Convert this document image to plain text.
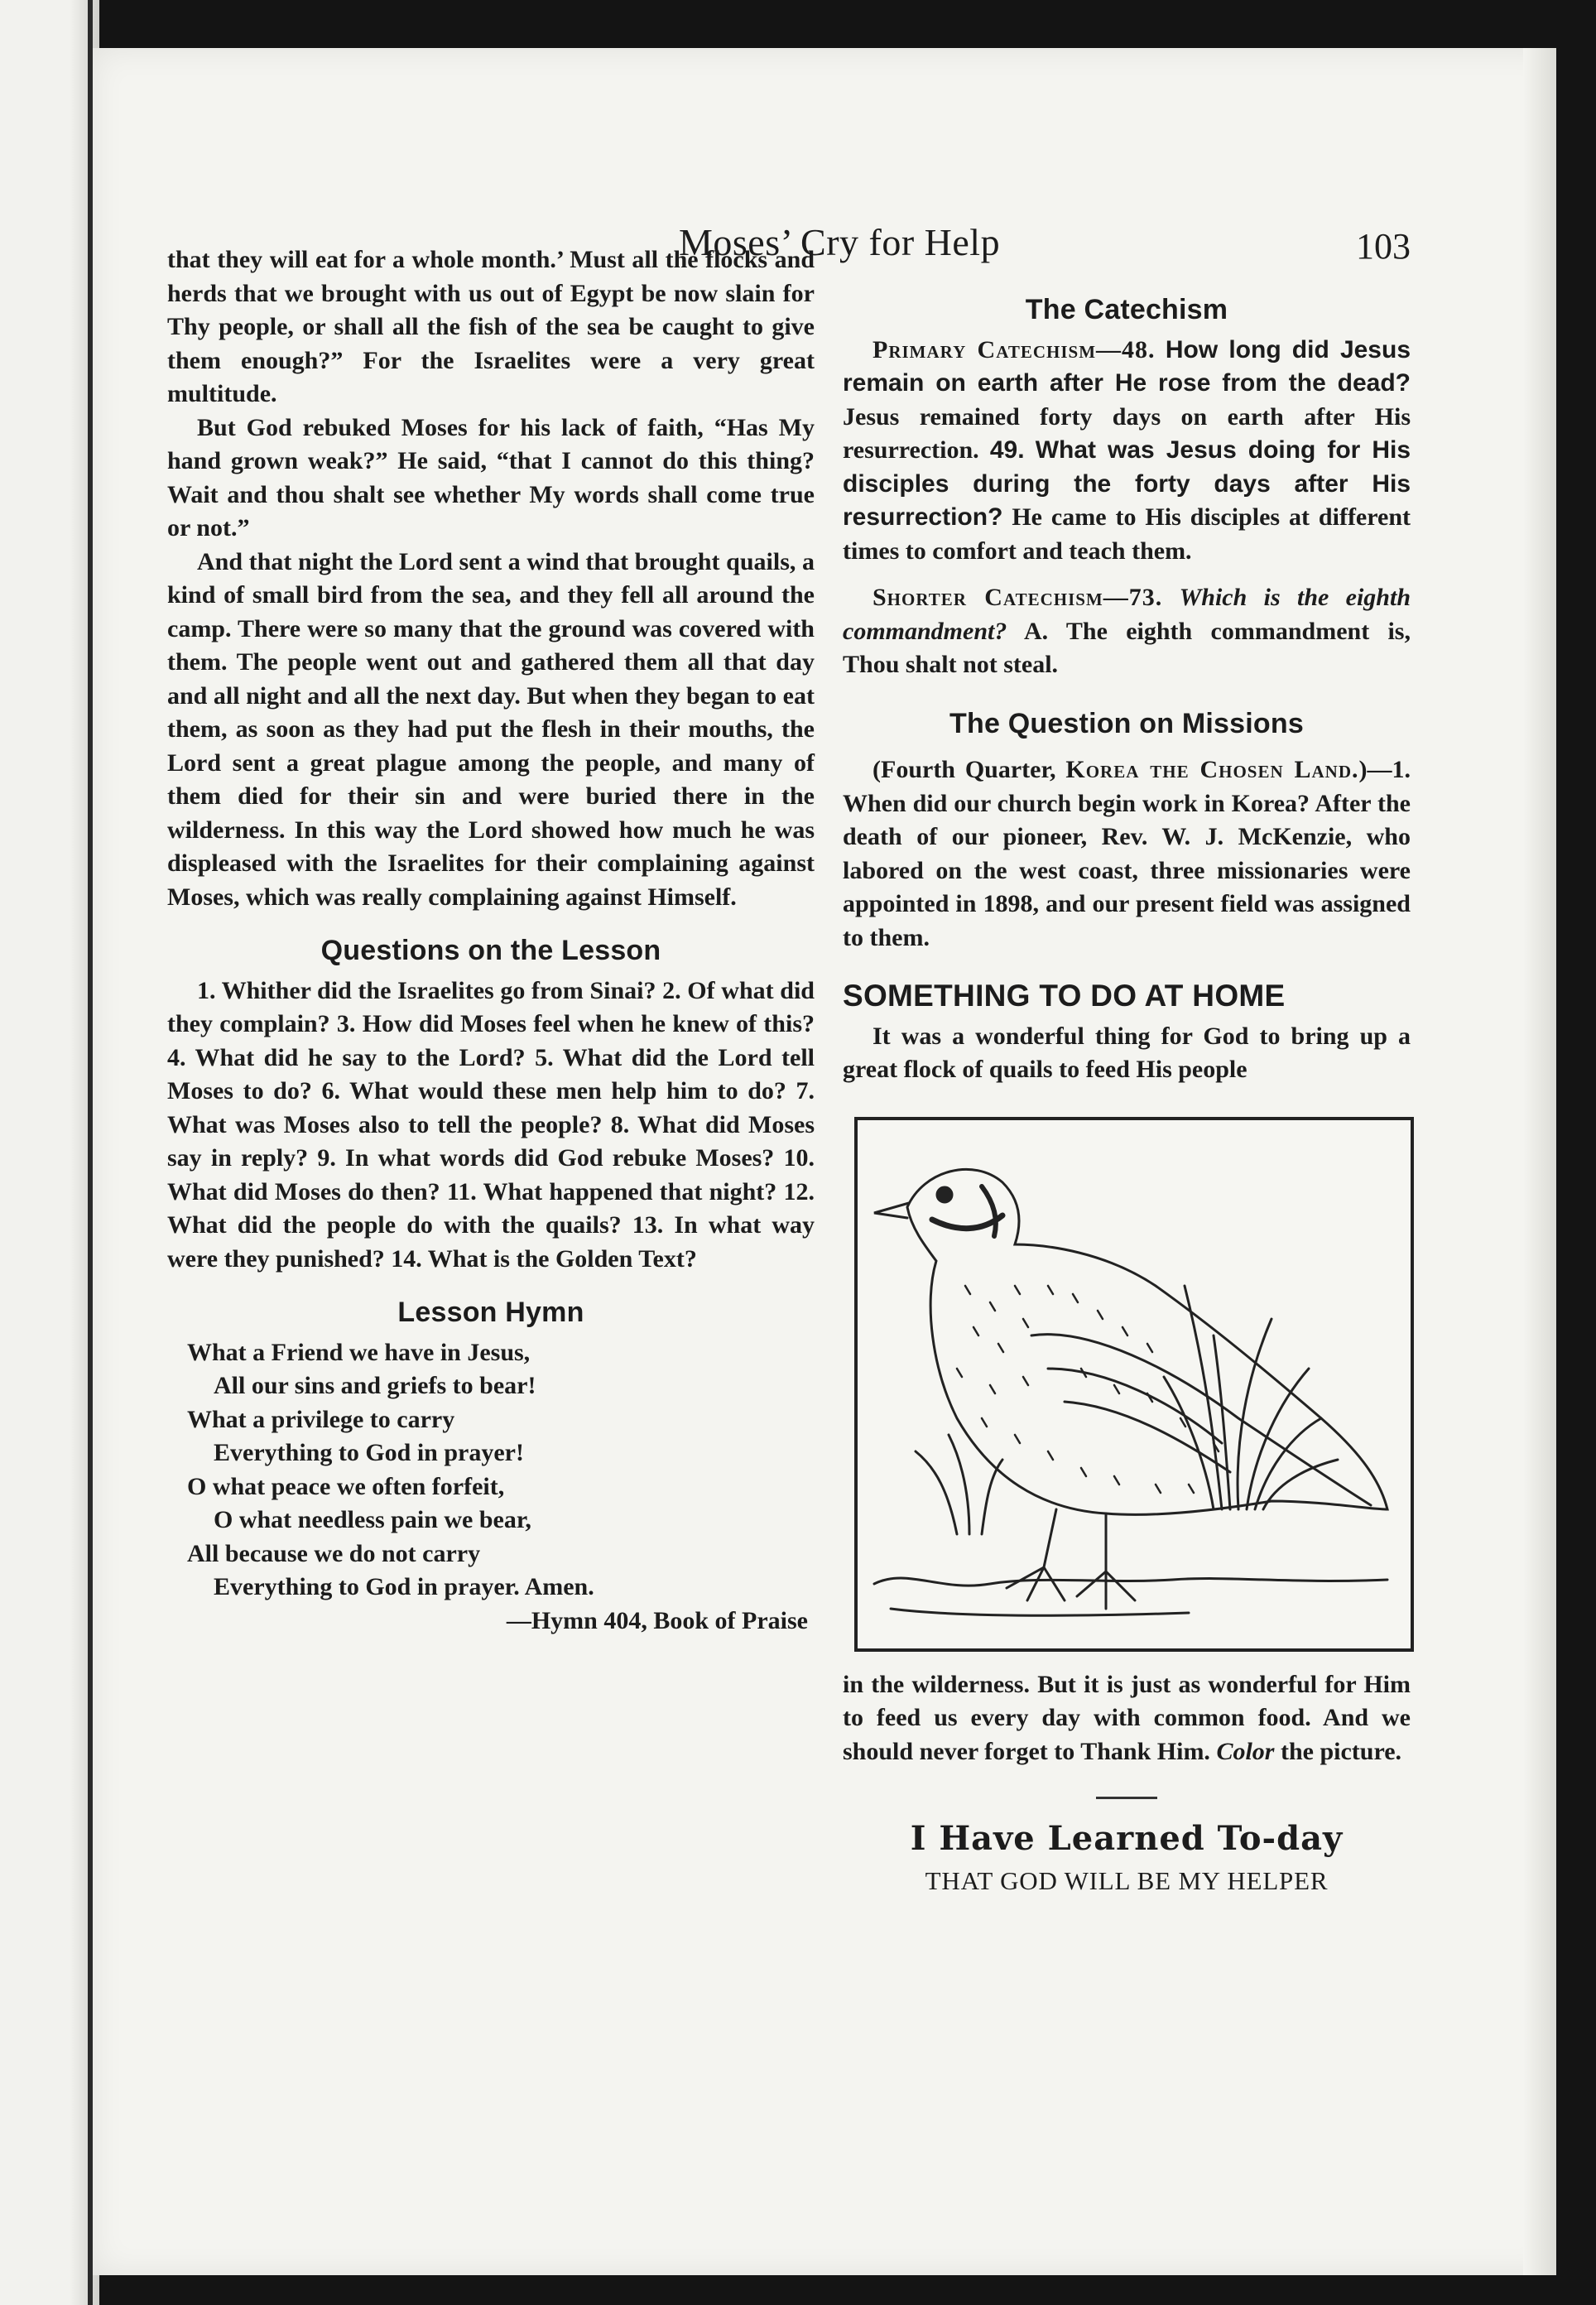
Moses’ Cry for Help	103

that they will eat for a whole month.’ Must all the flocks and herds that we brought with us out of Egypt be now slain for Thy people, or shall all the fish of the sea be caught to give them enough?” For the Israelites were a very great multitude.

But God rebuked Moses for his lack of faith, “Has My hand grown weak?” He said, “that I cannot do this thing? Wait and thou shalt see whether My words shall come true or not.”

And that night the Lord sent a wind that brought quails, a kind of small bird from the sea, and they fell all around the camp. There were so many that the ground was covered with them. The people went out and gathered them all that day and all night and all the next day. But when they began to eat them, as soon as they had put the flesh in their mouths, the Lord sent a great plague among the people, and many of them died for their sin and were buried there in the wilderness. In this way the Lord showed how much he was displeased with the Israelites for their complaining against Moses, which was really complaining against Himself.

Questions on the Lesson

1. Whither did the Israelites go from Sinai? 2. Of what did they complain? 3. How did Moses feel when he knew of this? 4. What did he say to the Lord? 5. What did the Lord tell Moses to do? 6. What would these men help him to do? 7. What was Moses also to tell the people? 8. What did Moses say in reply? 9. In what words did God rebuke Moses? 10. What did Moses do then? 11. What happened that night? 12. What did the people do with the quails? 13. In what way were they punished? 14. What is the Golden Text?

Lesson Hymn
What a Friend we have in Jesus,
All our sins and griefs to bear!
What a privilege to carry
Everything to God in prayer!
O what peace we often forfeit,
O what needless pain we bear,
All because we do not carry
Everything to God in prayer. Amen.
—Hymn 404, Book of Praise
The Catechism

Primary Catechism—48. How long did Jesus remain on earth after He rose from the dead? Jesus remained forty days on earth after His resurrection. 49. What was Jesus doing for His disciples during the forty days after His resurrection? He came to His disciples at different times to comfort and teach them.

Shorter Catechism—73. Which is the eighth commandment? A. The eighth commandment is, Thou shalt not steal.

The Question on Missions

(Fourth Quarter, Korea the Chosen Land.)—1. When did our church begin work in Korea? After the death of our pioneer, Rev. W. J. McKenzie, who labored on the west coast, three missionaries were appointed in 1898, and our present field was assigned to them.

SOMETHING TO DO AT HOME

It was a wonderful thing for God to bring up a great flock of quails to feed His people

in the wilderness. But it is just as wonderful for Him to feed us every day with common food. And we should never forget to Thank Him. Color the picture.

I Have Learned To-day
THAT GOD WILL BE MY HELPER
